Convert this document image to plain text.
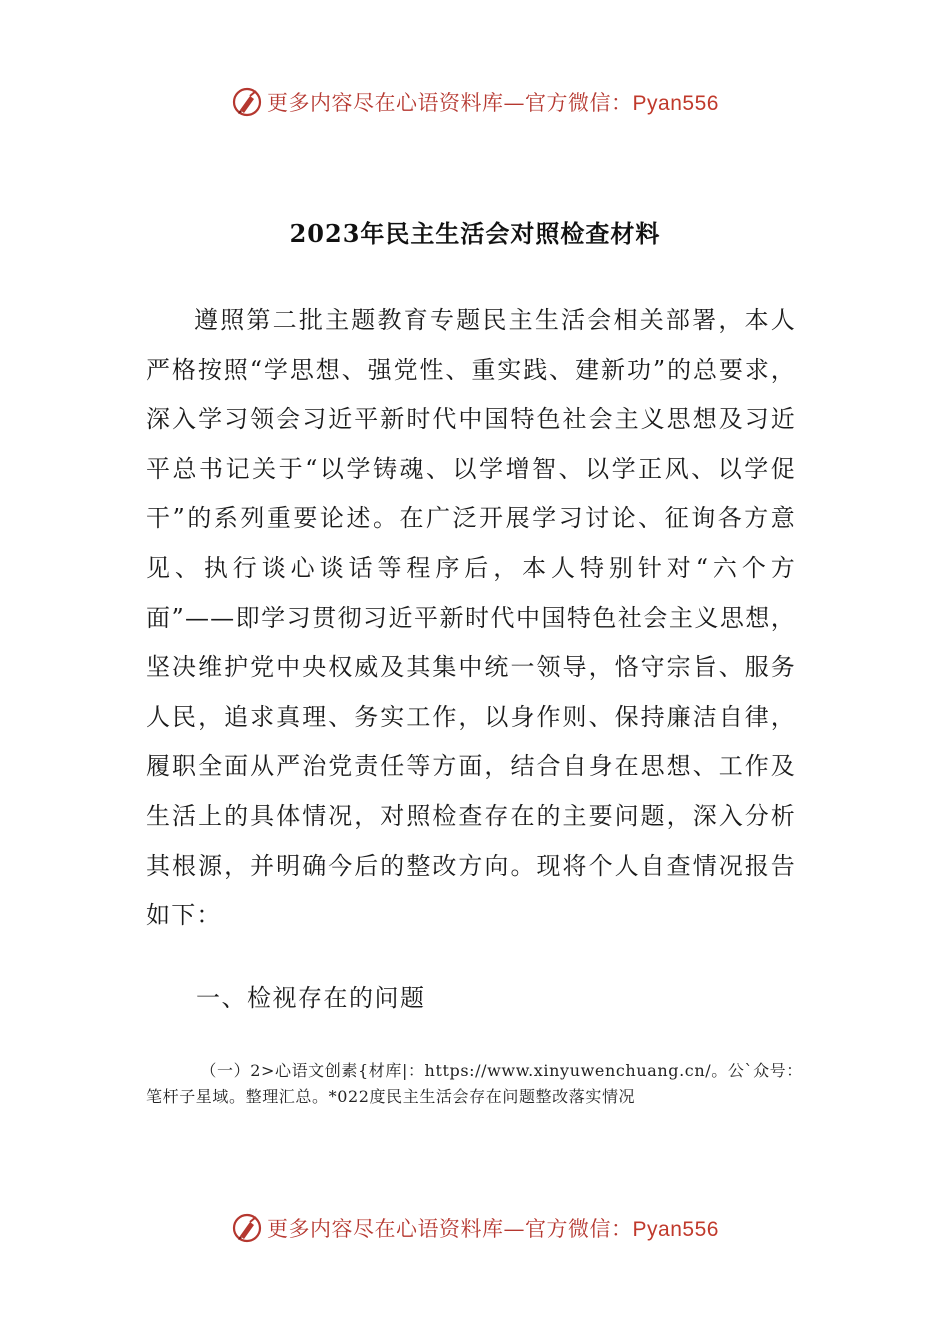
更多内容尽在心语资料库—官方微信：Pyan556
2023年民主生活会对照检查材料

遵照第二批主题教育专题民主生活会相关部署，本人严格按照“学思想、强党性、重实践、建新功”的总要求，深入学习领会习近平新时代中国特色社会主义思想及习近平总书记关于“以学铸魂、以学增智、以学正风、以学促干”的系列重要论述。在广泛开展学习讨论、征询各方意见、执行谈心谈话等程序后，本人特别针对“六个方面”——即学习贯彻习近平新时代中国特色社会主义思想，坚决维护党中央权威及其集中统一领导，恪守宗旨、服务人民，追求真理、务实工作，以身作则、保持廉洁自律，履职全面从严治党责任等方面，结合自身在思想、工作及生活上的具体情况，对照检查存在的主要问题，深入分析其根源，并明确今后的整改方向。现将个人自查情况报告如下：

一、检视存在的问题

（一）2>心语文创素{材库|：https://www.xinyuwenchuang.cn/。公`众号：笔杆子星域。整理汇总。*022度民主生活会存在问题整改落实情况

更多内容尽在心语资料库—官方微信：Pyan556
